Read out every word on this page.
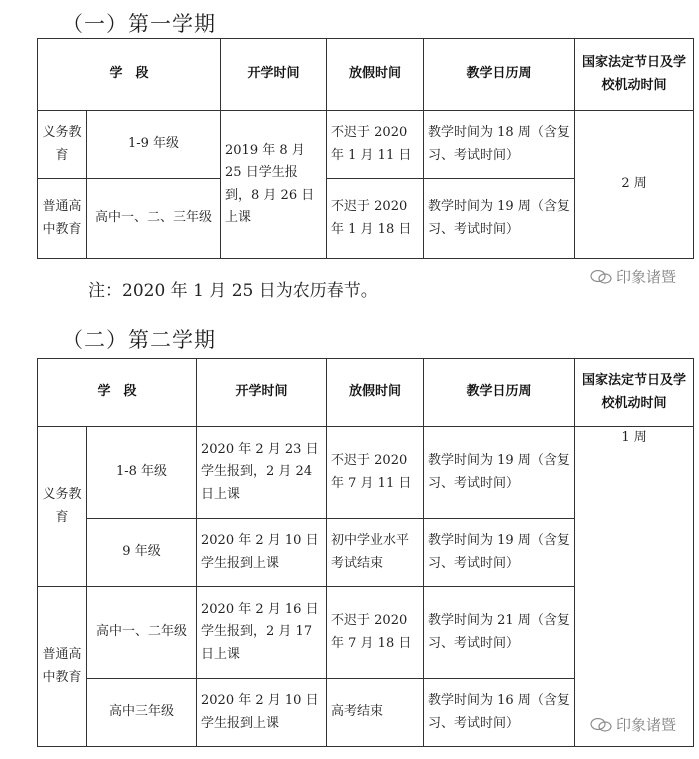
（一）第一学期
学　段		开学时间	放假时间	教学日历周	国家法定节日及学校机动时间
义务教育	1-9 年级	2019 年 8 月 25 日学生报到，8 月 26 日上课	不迟于 2020 年 1 月 11 日	教学时间为 18 周（含复习、考试时间）	2 周
普通高中教育	高中一、二、三年级		不迟于 2020 年 1 月 18 日	教学时间为 19 周（含复习、考试时间）	
注：2020 年 1 月 25 日为农历春节。
印象诸暨
（二）第二学期
学　段		开学时间	放假时间	教学日历周	国家法定节日及学校机动时间
义务教育	1-8 年级	2020 年 2 月 23 日学生报到，2 月 24 日上课	不迟于 2020 年 7 月 11 日	教学时间为 19 周（含复习、考试时间）	1 周
	9 年级	2020 年 2 月 10 日学生报到上课	初中学业水平考试结束	教学时间为 19 周（含复习、考试时间）	
普通高中教育	高中一、二年级	2020 年 2 月 16 日学生报到，2 月 17 日上课	不迟于 2020 年 7 月 18 日	教学时间为 21 周（含复习、考试时间）	
	高中三年级	2020 年 2 月 10 日学生报到上课	高考结束	教学时间为 16 周（含复习、考试时间）		印象诸暨
